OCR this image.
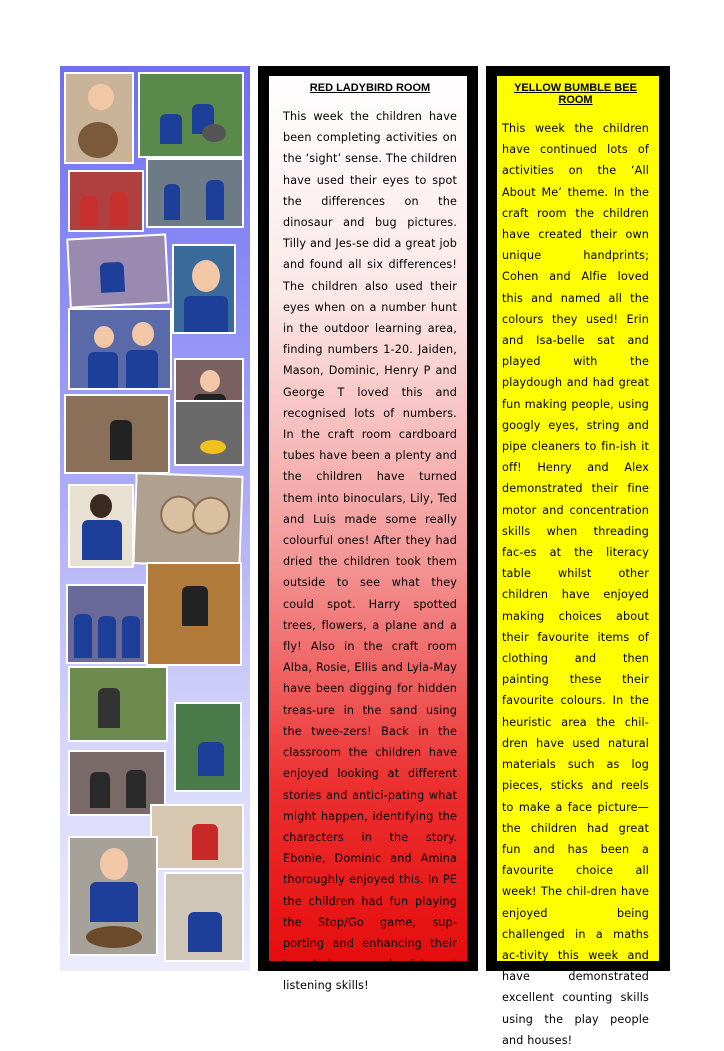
RED LADYBIRD ROOM

This week the children have been completing activities on the ‘sight’ sense. The children have used their eyes to spot the differences on the dinosaur and bug pictures. Tilly and Jes-se did a great job and found all six differences! The children also used their eyes when on a number hunt in the outdoor learning area, finding numbers 1-20. Jaiden, Mason, Dominic, Henry P and George T loved this and recognised lots of numbers. In the craft room cardboard tubes have been a plenty and the children have turned them into binoculars, Lily, Ted and Luis made some really colourful ones! After they had dried the children took them outside to see what they could spot. Harry spotted trees, flowers, a plane and a fly! Also in the craft room Alba, Rosie, Ellis and Lyla-May have been digging for hidden treas-ure in the sand using the twee-zers! Back in the classroom the children have enjoyed looking at different stories and antici-pating what might happen, identifying the characters in the story. Ebonie, Dominic and Amina thoroughly enjoyed this. In PE the children had fun playing the Stop/Go game, sup-porting and enhancing their knowledge on road safety and listening skills!

YELLOW BUMBLE BEE ROOM

This week the children have continued lots of activities on the ‘All About Me’ theme. In the craft room the children have created their own unique handprints; Cohen and Alfie loved this and named all the colours they used! Erin and Isa-belle sat and played with the playdough and had great fun making people, using googly eyes, string and pipe cleaners to fin-ish it off! Henry and Alex demonstrated their fine motor and concentration skills when threading fac-es at the literacy table whilst other children have enjoyed making choices about their favourite items of clothing and then painting these their favourite colours. In the heuristic area the chil-dren have used natural materials such as log pieces, sticks and reels to make a face picture—the children had great fun and has been a favourite choice all week! The chil-dren have enjoyed being challenged in a maths ac-tivity this week and have demonstrated excellent counting skills using the play people and houses!
